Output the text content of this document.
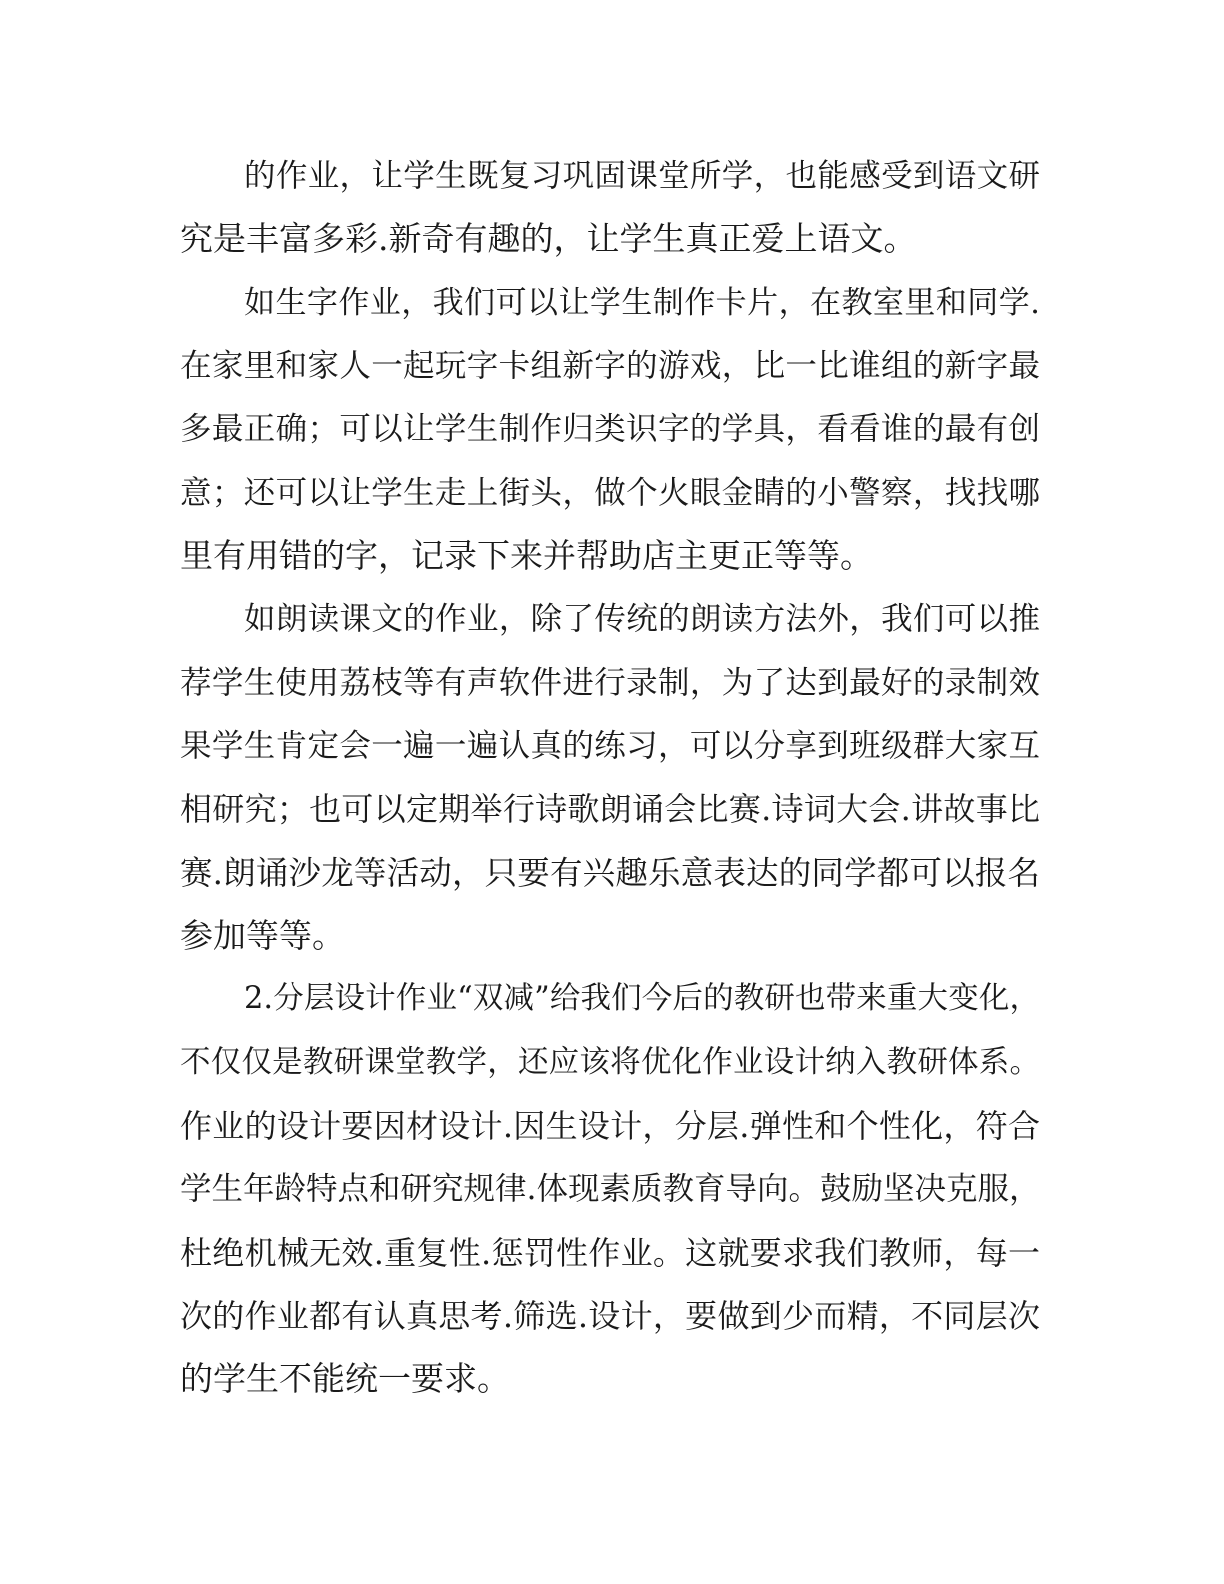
的作业，让学生既复习巩固课堂所学，也能感受到语文研
究是丰富多彩.新奇有趣的，让学生真正爱上语文。
如生字作业，我们可以让学生制作卡片，在教室里和同学.
在家里和家人一起玩字卡组新字的游戏，比一比谁组的新字最
多最正确；可以让学生制作归类识字的学具，看看谁的最有创
意；还可以让学生走上街头，做个火眼金睛的小警察，找找哪
里有用错的字，记录下来并帮助店主更正等等。
如朗读课文的作业，除了传统的朗读方法外，我们可以推
荐学生使用荔枝等有声软件进行录制，为了达到最好的录制效
果学生肯定会一遍一遍认真的练习，可以分享到班级群大家互
相研究；也可以定期举行诗歌朗诵会比赛.诗词大会.讲故事比
赛.朗诵沙龙等活动，只要有兴趣乐意表达的同学都可以报名
参加等等。
2.分层设计作业“双减”给我们今后的教研也带来重大变化，
不仅仅是教研课堂教学，还应该将优化作业设计纳入教研体系。
作业的设计要因材设计.因生设计，分层.弹性和个性化，符合
学生年龄特点和研究规律.体现素质教育导向。鼓励坚决克服，
杜绝机械无效.重复性.惩罚性作业。这就要求我们教师，每一
次的作业都有认真思考.筛选.设计，要做到少而精，不同层次
的学生不能统一要求。
